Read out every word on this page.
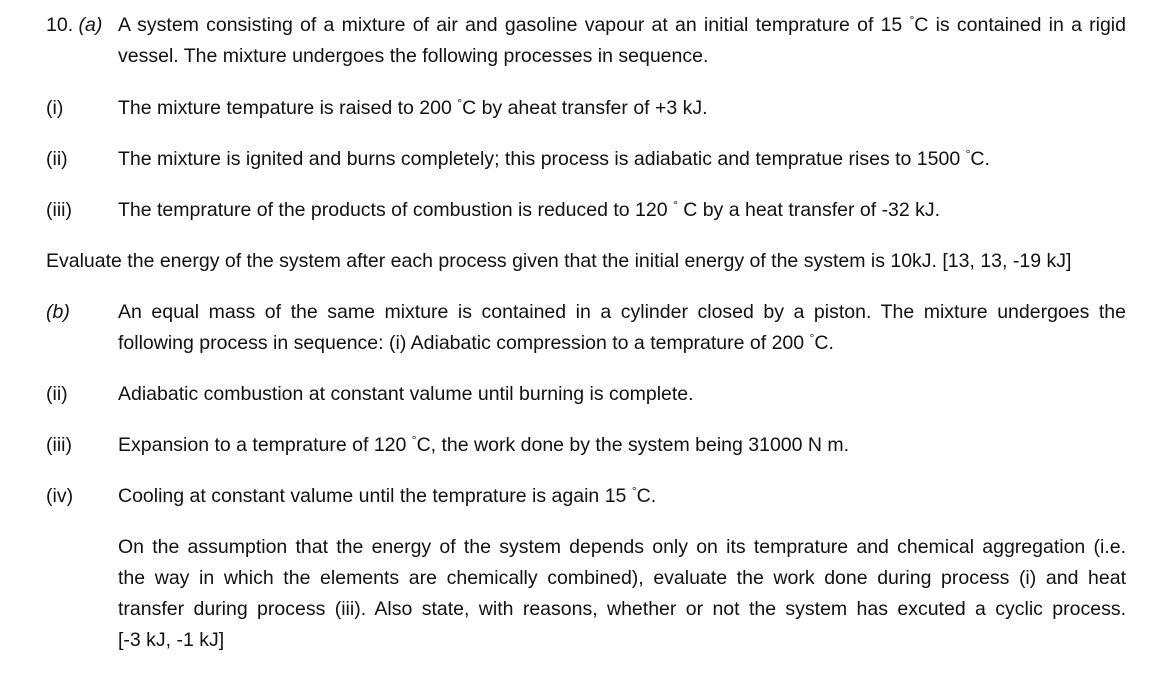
10. (a) A system consisting of a mixture of air and gasoline vapour at an initial temprature of 15 °C is contained in a rigid
vessel. The mixture undergoes the following processes in sequence.
(i)	The mixture tempature is raised to 200 °C by aheat transfer of +3 kJ.
(ii)	The mixture is ignited and burns completely; this process is adiabatic and tempratue rises to 1500 °C.
(iii) The temprature of the products of combustion is reduced to 120 ° C by a heat transfer of -32 kJ.
Evaluate the energy of the system after each process given that the initial energy of the system is 10kJ. [13, 13, -19 kJ]
(b) An equal mass of the same mixture is contained in a cylinder closed by a piston. The mixture undergoes the
following process in sequence: (i) Adiabatic compression to a temprature of 200 °C.
(ii)	Adiabatic combustion at constant valume until burning is complete.
(iii) Expansion to a temprature of 120 °C, the work done by the system being 31000 N m.
(iv) Cooling at constant valume until the temprature is again 15 °C.
On the assumption that the energy of the system depends only on its temprature and chemical aggregation (i.e.
the way in which the elements are chemically combined), evaluate the work done during process (i) and heat
transfer during process (iii). Also state, with reasons, whether or not the system has excuted a cyclic process.
[-3 kJ, -1 kJ]
